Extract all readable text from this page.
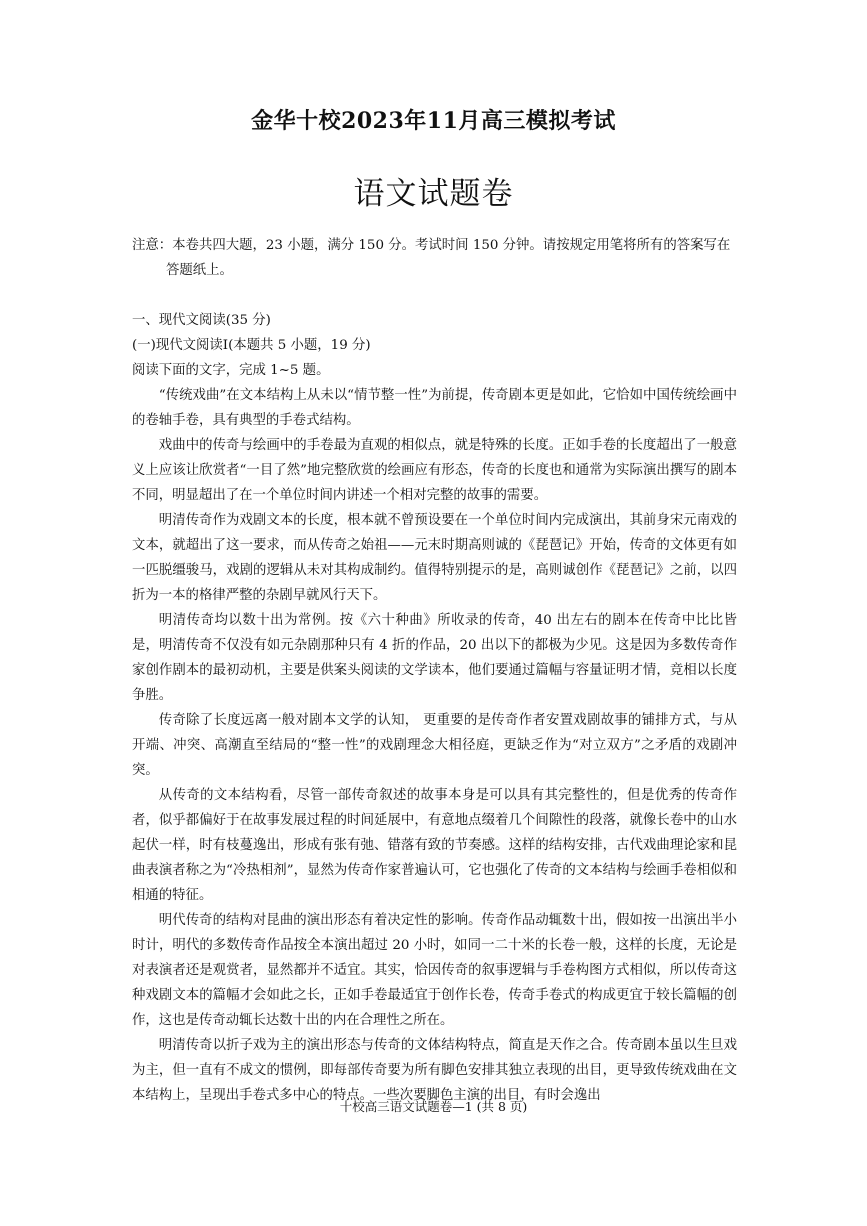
金华十校2023年11月高三模拟考试
语文试题卷
注意：本卷共四大题，23 小题，满分 150 分。考试时间 150 分钟。请按规定用笔将所有的答案写在
答题纸上。

一、现代文阅读(35 分)

(一)现代文阅读Ⅰ(本题共 5 小题，19 分)

阅读下面的文字，完成 1~5 题。

“传统戏曲”在文本结构上从未以“情节整一性”为前提，传奇剧本更是如此，它恰如中国传统绘画中的卷轴手卷，具有典型的手卷式结构。

戏曲中的传奇与绘画中的手卷最为直观的相似点，就是特殊的长度。正如手卷的长度超出了一般意义上应该让欣赏者“一目了然”地完整欣赏的绘画应有形态，传奇的长度也和通常为实际演出撰写的剧本不同，明显超出了在一个单位时间内讲述一个相对完整的故事的需要。

明清传奇作为戏剧文本的长度，根本就不曾预设要在一个单位时间内完成演出，其前身宋元南戏的文本，就超出了这一要求，而从传奇之始祖——元末时期高则诚的《琵琶记》开始，传奇的文体更有如一匹脱缰骏马，戏剧的逻辑从未对其构成制约。值得特别提示的是，高则诚创作《琵琶记》之前，以四折为一本的格律严整的杂剧早就风行天下。

明清传奇均以数十出为常例。按《六十种曲》所收录的传奇，40 出左右的剧本在传奇中比比皆是，明清传奇不仅没有如元杂剧那种只有 4 折的作品，20 出以下的都极为少见。这是因为多数传奇作家创作剧本的最初动机，主要是供案头阅读的文学读本，他们要通过篇幅与容量证明才情，竞相以长度争胜。

传奇除了长度远离一般对剧本文学的认知， 更重要的是传奇作者安置戏剧故事的铺排方式，与从开端、冲突、高潮直至结局的“整一性”的戏剧理念大相径庭，更缺乏作为“对立双方”之矛盾的戏剧冲突。

从传奇的文本结构看，尽管一部传奇叙述的故事本身是可以具有其完整性的，但是优秀的传奇作者，似乎都偏好于在故事发展过程的时间延展中，有意地点缀着几个间隙性的段落，就像长卷中的山水起伏一样，时有枝蔓逸出，形成有张有弛、错落有致的节奏感。这样的结构安排，古代戏曲理论家和昆曲表演者称之为“冷热相剂”，显然为传奇作家普遍认可，它也强化了传奇的文本结构与绘画手卷相似和相通的特征。

明代传奇的结构对昆曲的演出形态有着决定性的影响。传奇作品动辄数十出，假如按一出演出半小时计，明代的多数传奇作品按全本演出超过 20 小时，如同一二十米的长卷一般，这样的长度，无论是对表演者还是观赏者，显然都并不适宜。其实，恰因传奇的叙事逻辑与手卷构图方式相似，所以传奇这种戏剧文本的篇幅才会如此之长，正如手卷最适宜于创作长卷，传奇手卷式的构成更宜于较长篇幅的创作，这也是传奇动辄长达数十出的内在合理性之所在。

明清传奇以折子戏为主的演出形态与传奇的文体结构特点，简直是天作之合。传奇剧本虽以生旦戏为主，但一直有不成文的惯例，即每部传奇要为所有脚色安排其独立表现的出目，更导致传统戏曲在文本结构上，呈现出手卷式多中心的特点。一些次要脚色主演的出目，有时会逸出

十校高三语文试题卷—1 (共 8 页)
